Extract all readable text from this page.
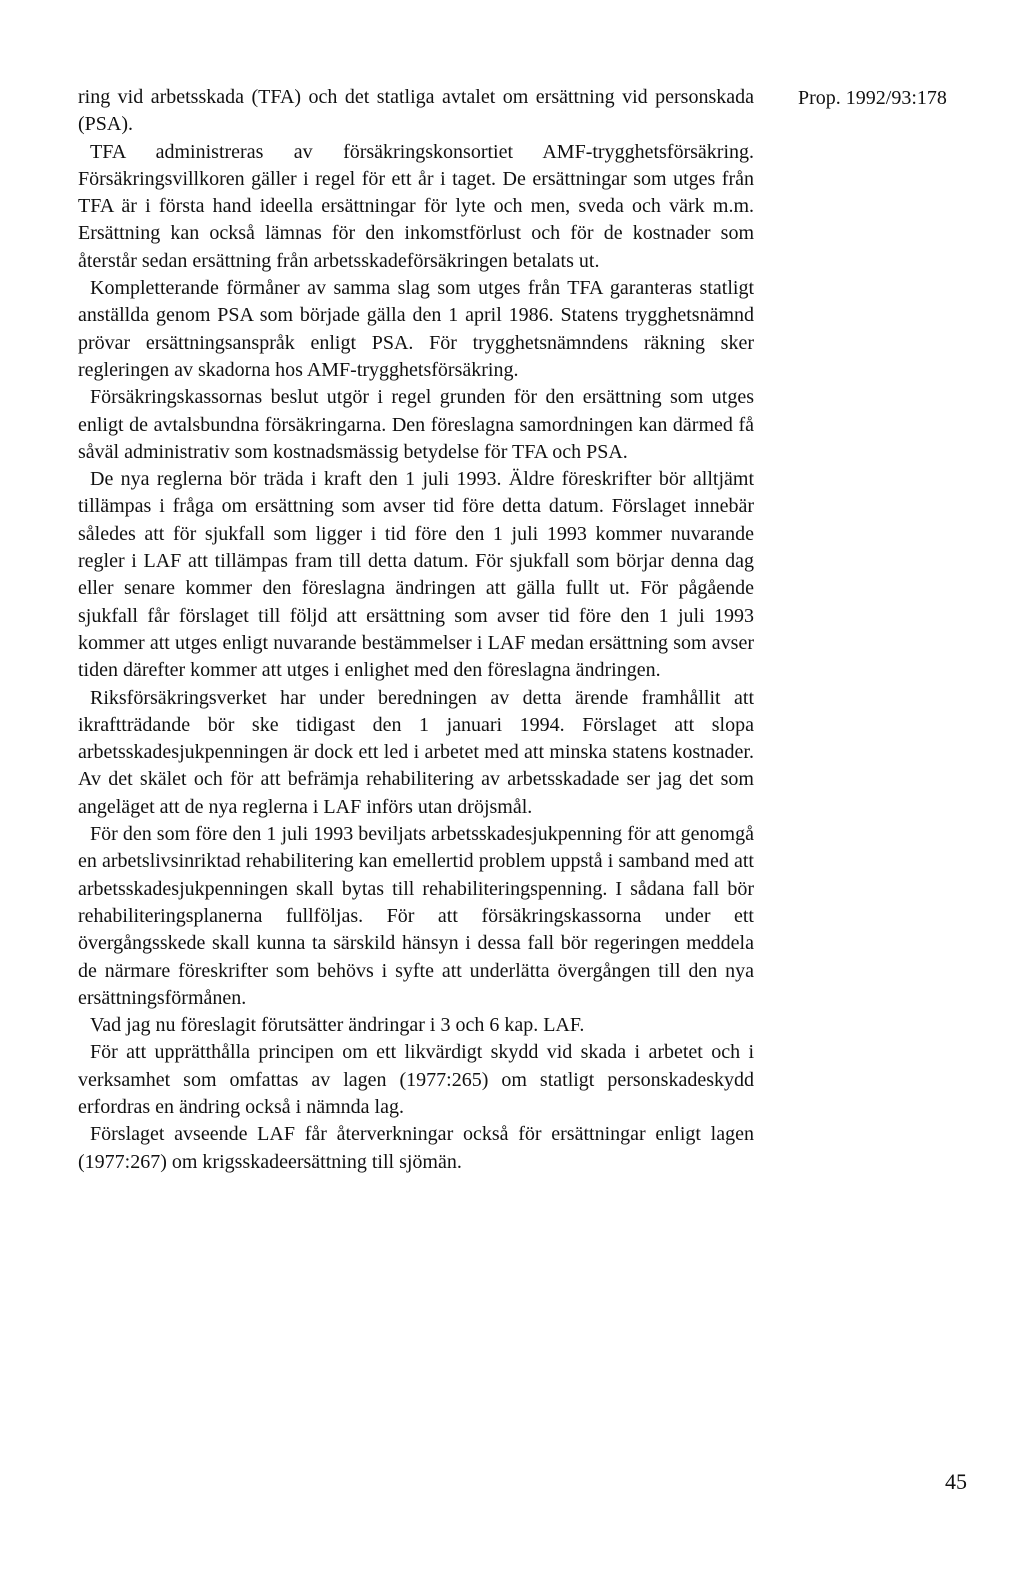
Prop. 1992/93:178

ring vid arbetsskada (TFA) och det statliga avtalet om ersättning vid personskada (PSA).

TFA administreras av försäkringskonsortiet AMF-trygghetsförsäkring. Försäkringsvillkoren gäller i regel för ett år i taget. De ersättningar som utges från TFA är i första hand ideella ersättningar för lyte och men, sveda och värk m.m. Ersättning kan också lämnas för den inkomstförlust och för de kostnader som återstår sedan ersättning från arbetsskadeförsäkringen betalats ut.

Kompletterande förmåner av samma slag som utges från TFA garanteras statligt anställda genom PSA som började gälla den 1 april 1986. Statens trygghetsnämnd prövar ersättningsanspråk enligt PSA. För trygghetsnämndens räkning sker regleringen av skadorna hos AMF-trygghetsförsäkring.

Försäkringskassornas beslut utgör i regel grunden för den ersättning som utges enligt de avtalsbundna försäkringarna. Den föreslagna samordningen kan därmed få såväl administrativ som kostnadsmässig betydelse för TFA och PSA.

De nya reglerna bör träda i kraft den 1 juli 1993. Äldre föreskrifter bör alltjämt tillämpas i fråga om ersättning som avser tid före detta datum. Förslaget innebär således att för sjukfall som ligger i tid före den 1 juli 1993 kommer nuvarande regler i LAF att tillämpas fram till detta datum. För sjukfall som börjar denna dag eller senare kommer den föreslagna ändringen att gälla fullt ut. För pågående sjukfall får förslaget till följd att ersättning som avser tid före den 1 juli 1993 kommer att utges enligt nuvarande bestämmelser i LAF medan ersättning som avser tiden därefter kommer att utges i enlighet med den föreslagna ändringen.

Riksförsäkringsverket har under beredningen av detta ärende framhållit att ikraftträdande bör ske tidigast den 1 januari 1994. Förslaget att slopa arbetsskadesjukpenningen är dock ett led i arbetet med att minska statens kostnader. Av det skälet och för att befrämja rehabilitering av arbetsskadade ser jag det som angeläget att de nya reglerna i LAF införs utan dröjsmål.

För den som före den 1 juli 1993 beviljats arbetsskadesjukpenning för att genomgå en arbetslivsinriktad rehabilitering kan emellertid problem uppstå i samband med att arbetsskadesjukpenningen skall bytas till rehabiliteringspenning. I sådana fall bör rehabiliteringsplanerna fullföljas. För att försäkringskassorna under ett övergångsskede skall kunna ta särskild hänsyn i dessa fall bör regeringen meddela de närmare föreskrifter som behövs i syfte att underlätta övergången till den nya ersättningsförmånen.

Vad jag nu föreslagit förutsätter ändringar i 3 och 6 kap. LAF.

För att upprätthålla principen om ett likvärdigt skydd vid skada i arbetet och i verksamhet som omfattas av lagen (1977:265) om statligt personskadeskydd erfordras en ändring också i nämnda lag.

Förslaget avseende LAF får återverkningar också för ersättningar enligt lagen (1977:267) om krigsskadeersättning till sjömän.

45
